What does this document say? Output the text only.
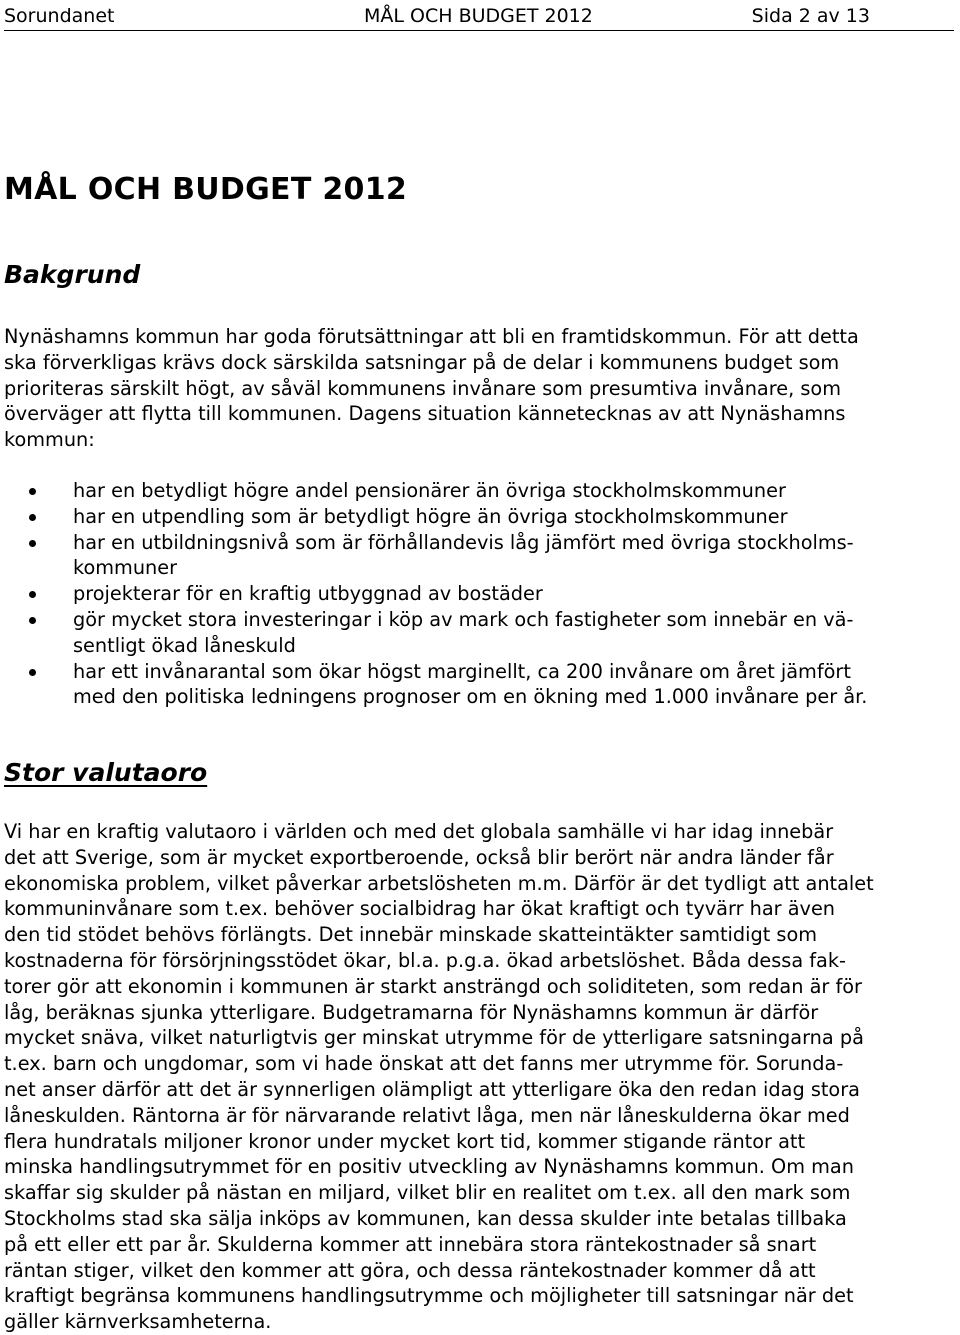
Sorundanet	MÅL OCH BUDGET 2012	Sida 2 av 13
MÅL OCH BUDGET 2012
Bakgrund

Nynäshamns kommun har goda förutsättningar att bli en framtidskommun. För att detta
ska förverkligas krävs dock särskilda satsningar på de delar i kommunens budget som
prioriteras särskilt högt, av såväl kommunens invånare som presumtiva invånare, som
överväger att flytta till kommunen. Dagens situation kännetecknas av att Nynäshamns
kommun:

har en betydligt högre andel pensionärer än övriga stockholmskommuner
har en utpendling som är betydligt högre än övriga stockholmskommuner
har en utbildningsnivå som är förhållandevis låg jämfört med övriga stockholms-
kommuner
projekterar för en kraftig utbyggnad av bostäder
gör mycket stora investeringar i köp av mark och fastigheter som innebär en vä-
sentligt ökad låneskuld
har ett invånarantal som ökar högst marginellt, ca 200 invånare om året jämfört
med den politiska ledningens prognoser om en ökning med 1.000 invånare per år.
Stor valutaoro

Vi har en kraftig valutaoro i världen och med det globala samhälle vi har idag innebär
det att Sverige, som är mycket exportberoende, också blir berört när andra länder får
ekonomiska problem, vilket påverkar arbetslösheten m.m. Därför är det tydligt att antalet
kommuninvånare som t.ex. behöver socialbidrag har ökat kraftigt och tyvärr har även
den tid stödet behövs förlängts. Det innebär minskade skatteintäkter samtidigt som
kostnaderna för försörjningsstödet ökar, bl.a. p.g.a. ökad arbetslöshet. Båda dessa fak-
torer gör att ekonomin i kommunen är starkt ansträngd och soliditeten, som redan är för
låg, beräknas sjunka ytterligare. Budgetramarna för Nynäshamns kommun är därför
mycket snäva, vilket naturligtvis ger minskat utrymme för de ytterligare satsningarna på
t.ex. barn och ungdomar, som vi hade önskat att det fanns mer utrymme för. Sorunda-
net anser därför att det är synnerligen olämpligt att ytterligare öka den redan idag stora
låneskulden. Räntorna är för närvarande relativt låga, men när låneskulderna ökar med
flera hundratals miljoner kronor under mycket kort tid, kommer stigande räntor att
minska handlingsutrymmet för en positiv utveckling av Nynäshamns kommun. Om man
skaffar sig skulder på nästan en miljard, vilket blir en realitet om t.ex. all den mark som
Stockholms stad ska sälja inköps av kommunen, kan dessa skulder inte betalas tillbaka
på ett eller ett par år. Skulderna kommer att innebära stora räntekostnader så snart
räntan stiger, vilket den kommer att göra, och dessa räntekostnader kommer då att
kraftigt begränsa kommunens handlingsutrymme och möjligheter till satsningar när det
gäller kärnverksamheterna.
